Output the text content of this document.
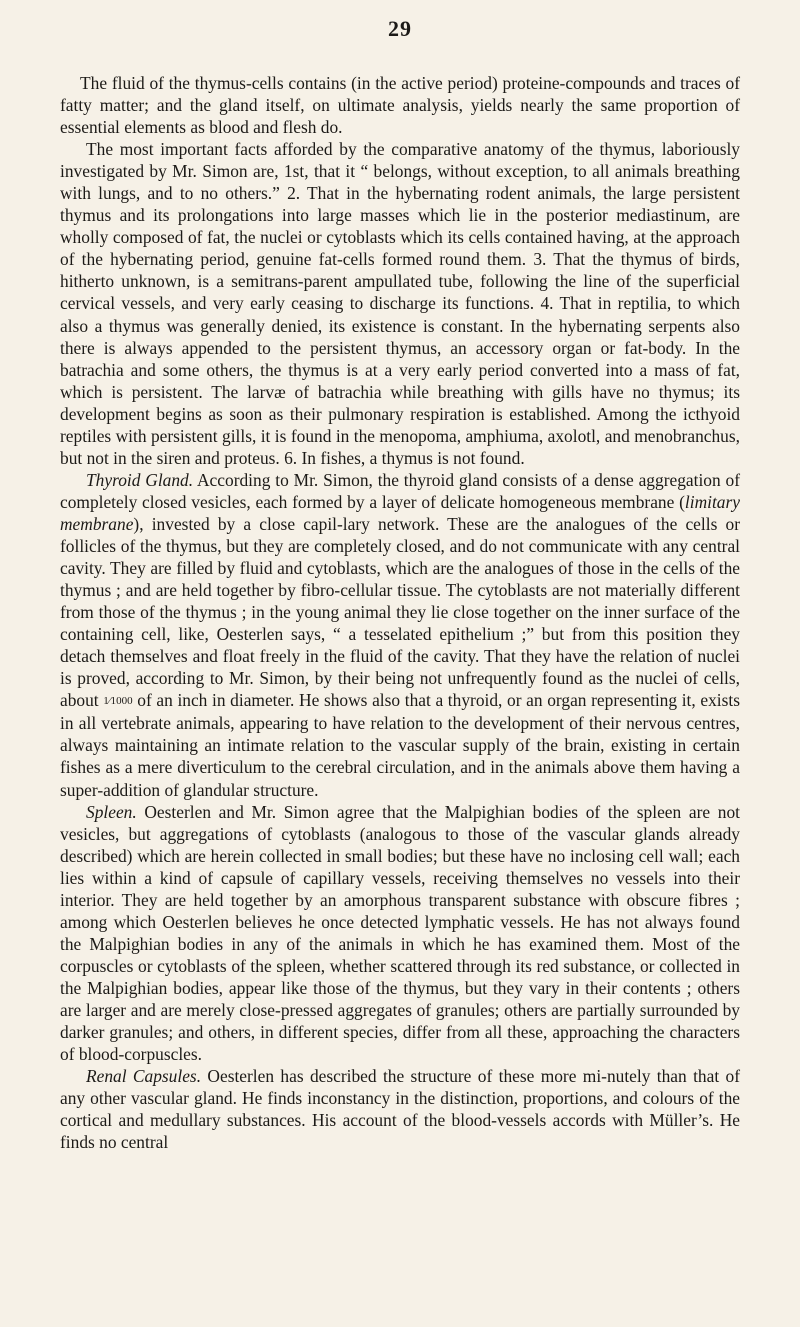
29

The fluid of the thymus-cells contains (in the active period) proteine-compounds and traces of fatty matter; and the gland itself, on ultimate analysis, yields nearly the same proportion of essential elements as blood and flesh do.

The most important facts afforded by the comparative anatomy of the thymus, laboriously investigated by Mr. Simon are, 1st, that it “ belongs, without exception, to all animals breathing with lungs, and to no others.” 2. That in the hybernating rodent animals, the large persistent thymus and its prolongations into large masses which lie in the posterior mediastinum, are wholly composed of fat, the nuclei or cytoblasts which its cells contained having, at the approach of the hybernating period, genuine fat-cells formed round them. 3. That the thymus of birds, hitherto unknown, is a semitrans-parent ampullated tube, following the line of the superficial cervical vessels, and very early ceasing to discharge its functions. 4. That in reptilia, to which also a thymus was generally denied, its existence is constant. In the hybernating serpents also there is always appended to the persistent thymus, an accessory organ or fat-body. In the batrachia and some others, the thymus is at a very early period converted into a mass of fat, which is persistent. The larvæ of batrachia while breathing with gills have no thymus; its development begins as soon as their pulmonary respiration is established. Among the icthyoid reptiles with persistent gills, it is found in the menopoma, amphiuma, axolotl, and menobranchus, but not in the siren and proteus. 6. In fishes, a thymus is not found.

Thyroid Gland. According to Mr. Simon, the thyroid gland consists of a dense aggregation of completely closed vesicles, each formed by a layer of delicate homogeneous membrane (limitary membrane), invested by a close capil-lary network. These are the analogues of the cells or follicles of the thymus, but they are completely closed, and do not communicate with any central cavity. They are filled by fluid and cytoblasts, which are the analogues of those in the cells of the thymus ; and are held together by fibro-cellular tissue. The cytoblasts are not materially different from those of the thymus ; in the young animal they lie close together on the inner surface of the containing cell, like, Oesterlen says, “ a tesselated epithelium ;” but from this position they detach themselves and float freely in the fluid of the cavity. That they have the relation of nuclei is proved, according to Mr. Simon, by their being not unfrequently found as the nuclei of cells, about 1⁄1000 of an inch in diameter. He shows also that a thyroid, or an organ representing it, exists in all vertebrate animals, appearing to have relation to the development of their nervous centres, always maintaining an intimate relation to the vascular supply of the brain, existing in certain fishes as a mere diverticulum to the cerebral circulation, and in the animals above them having a super-addition of glandular structure.

Spleen. Oesterlen and Mr. Simon agree that the Malpighian bodies of the spleen are not vesicles, but aggregations of cytoblasts (analogous to those of the vascular glands already described) which are herein collected in small bodies; but these have no inclosing cell wall; each lies within a kind of capsule of capillary vessels, receiving themselves no vessels into their interior. They are held together by an amorphous transparent substance with obscure fibres ; among which Oesterlen believes he once detected lymphatic vessels. He has not always found the Malpighian bodies in any of the animals in which he has examined them. Most of the corpuscles or cytoblasts of the spleen, whether scattered through its red substance, or collected in the Malpighian bodies, appear like those of the thymus, but they vary in their contents ; others are larger and are merely close-pressed aggregates of granules; others are partially surrounded by darker granules; and others, in different species, differ from all these, approaching the characters of blood-corpuscles.

Renal Capsules. Oesterlen has described the structure of these more mi-nutely than that of any other vascular gland. He finds inconstancy in the distinction, proportions, and colours of the cortical and medullary substances. His account of the blood-vessels accords with Müller’s. He finds no central
